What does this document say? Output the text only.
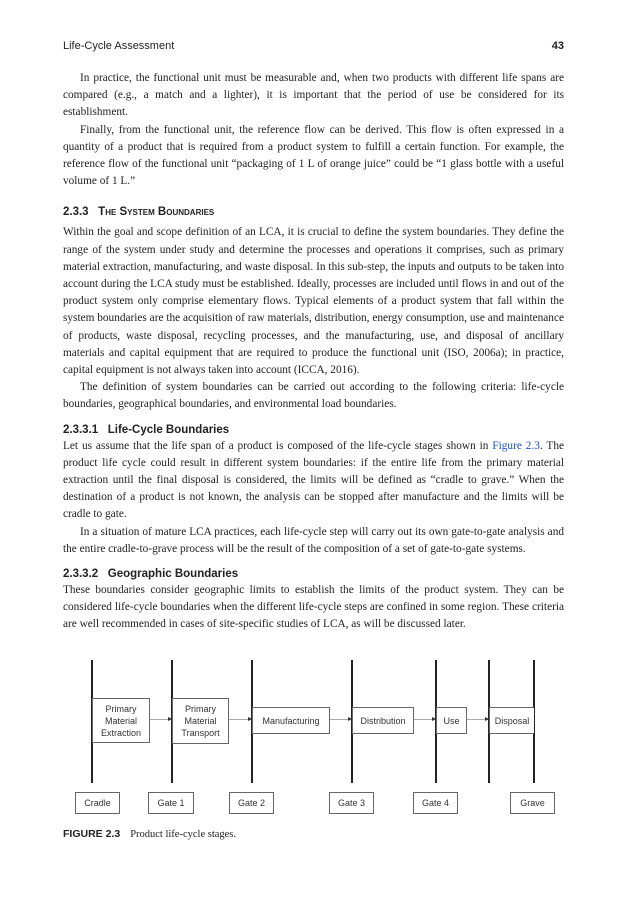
Life-Cycle Assessment	43

In practice, the functional unit must be measurable and, when two products with different life spans are compared (e.g., a match and a lighter), it is important that the period of use be considered for its establishment.

Finally, from the functional unit, the reference flow can be derived. This flow is often expressed in a quantity of a product that is required from a product system to fulfill a certain function. For example, the reference flow of the functional unit “packaging of 1 L of orange juice” could be “1 glass bottle with a useful volume of 1 L.”

2.3.3 The System Boundaries

Within the goal and scope definition of an LCA, it is crucial to define the system boundaries. They define the range of the system under study and determine the processes and operations it comprises, such as primary material extraction, manufacturing, and waste disposal. In this sub-step, the inputs and outputs to be taken into account during the LCA study must be established. Ideally, processes are included until flows in and out of the product system only comprise elementary flows. Typical elements of a product system that fall within the system boundaries are the acquisition of raw materials, distribution, energy consumption, use and maintenance of products, waste disposal, recycling processes, and the manufacturing, use, and disposal of ancillary materials and capital equipment that are required to produce the functional unit (ISO, 2006a); in practice, capital equipment is not always taken into account (ICCA, 2016).

The definition of system boundaries can be carried out according to the following criteria: life-cycle boundaries, geographical boundaries, and environmental load boundaries.

2.3.3.1   Life-Cycle Boundaries

Let us assume that the life span of a product is composed of the life-cycle stages shown in Figure 2.3. The product life cycle could result in different system boundaries: if the entire life from the primary material extraction until the final disposal is considered, the limits will be defined as “cradle to grave.” When the destination of a product is not known, the analysis can be stopped after manufacture and the limits will be cradle to gate.

In a situation of mature LCA practices, each life-cycle step will carry out its own gate-to-gate analysis and the entire cradle-to-grave process will be the result of the composition of a set of gate-to-gate systems.

2.3.3.2   Geographic Boundaries

These boundaries consider geographic limits to establish the limits of the product system. They can be considered life-cycle boundaries when the different life-cycle steps are confined in some region. These criteria are well recommended in cases of site-specific studies of LCA, as will be discussed later.

Primary Material Extraction
Primary Material Transport
Manufacturing	Distribution	Use	Disposal
Cradle	Gate 1	Gate 2	Gate 3	Gate 4	Grave
FIGURE 2.3 Product life-cycle stages.
